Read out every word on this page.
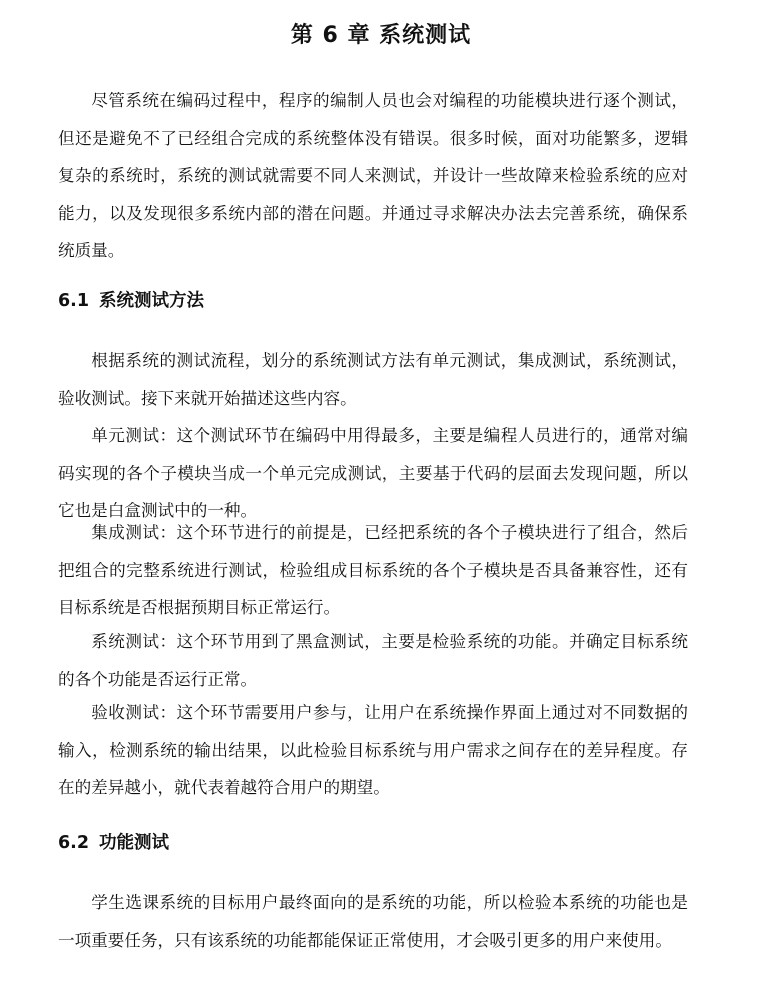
第 6 章 系统测试

尽管系统在编码过程中，程序的编制人员也会对编程的功能模块进行逐个测试，但还是避免不了已经组合完成的系统整体没有错误。很多时候，面对功能繁多，逻辑复杂的系统时，系统的测试就需要不同人来测试，并设计一些故障来检验系统的应对能力，以及发现很多系统内部的潜在问题。并通过寻求解决办法去完善系统，确保系统质量。

6.1 系统测试方法

根据系统的测试流程，划分的系统测试方法有单元测试，集成测试，系统测试，验收测试。接下来就开始描述这些内容。

单元测试：这个测试环节在编码中用得最多，主要是编程人员进行的，通常对编码实现的各个子模块当成一个单元完成测试，主要基于代码的层面去发现问题，所以它也是白盒测试中的一种。

集成测试：这个环节进行的前提是，已经把系统的各个子模块进行了组合，然后把组合的完整系统进行测试，检验组成目标系统的各个子模块是否具备兼容性，还有目标系统是否根据预期目标正常运行。

系统测试：这个环节用到了黑盒测试，主要是检验系统的功能。并确定目标系统的各个功能是否运行正常。

验收测试：这个环节需要用户参与，让用户在系统操作界面上通过对不同数据的输入，检测系统的输出结果，以此检验目标系统与用户需求之间存在的差异程度。存在的差异越小，就代表着越符合用户的期望。

6.2 功能测试

学生选课系统的目标用户最终面向的是系统的功能，所以检验本系统的功能也是一项重要任务，只有该系统的功能都能保证正常使用，才会吸引更多的用户来使用。
